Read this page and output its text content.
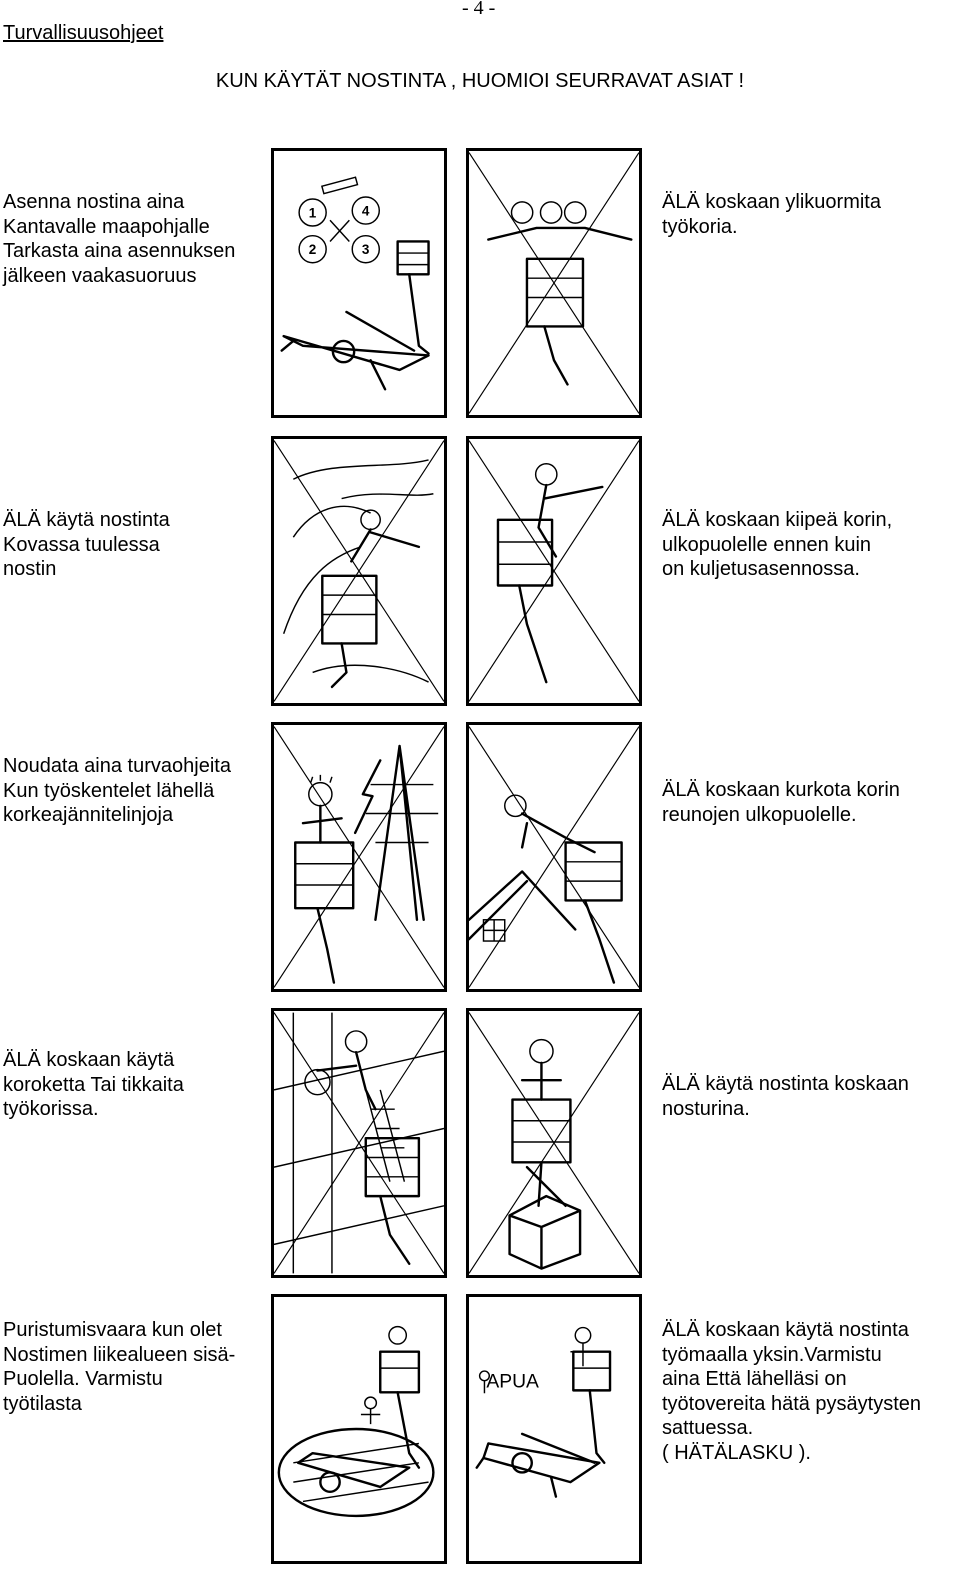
Turvallisuusohjeet
- 4 -
KUN KÄYTÄT NOSTINTA , HUOMIOI SEURRAVAT ASIAT !
Asenna nostina aina
Kantavalle maapohjalle
Tarkasta aina asennuksen
jälkeen vaakasuoruus
1	4
2	3
ÄLÄ koskaan ylikuormita
työkoria.
ÄLÄ käytä nostinta
Kovassa tuulessa
nostin
ÄLÄ koskaan kiipeä korin,
ulkopuolelle ennen kuin
on kuljetusasennossa.
Noudata aina turvaohjeita
Kun työskentelet lähellä
korkeajännitelinjoja
ÄLÄ koskaan kurkota korin
reunojen ulkopuolelle.
ÄLÄ koskaan käytä
koroketta Tai tikkaita
työkorissa.
ÄLÄ käytä nostinta koskaan
nosturina.
Puristumisvaara kun olet
Nostimen liikealueen sisä-
Puolella. Varmistu
työtilasta
APUA
ÄLÄ koskaan käytä nostinta
työmaalla yksin.Varmistu
aina Että lähelläsi on
työtovereita hätä pysäytysten
sattuessa.
( HÄTÄLASKU ).
